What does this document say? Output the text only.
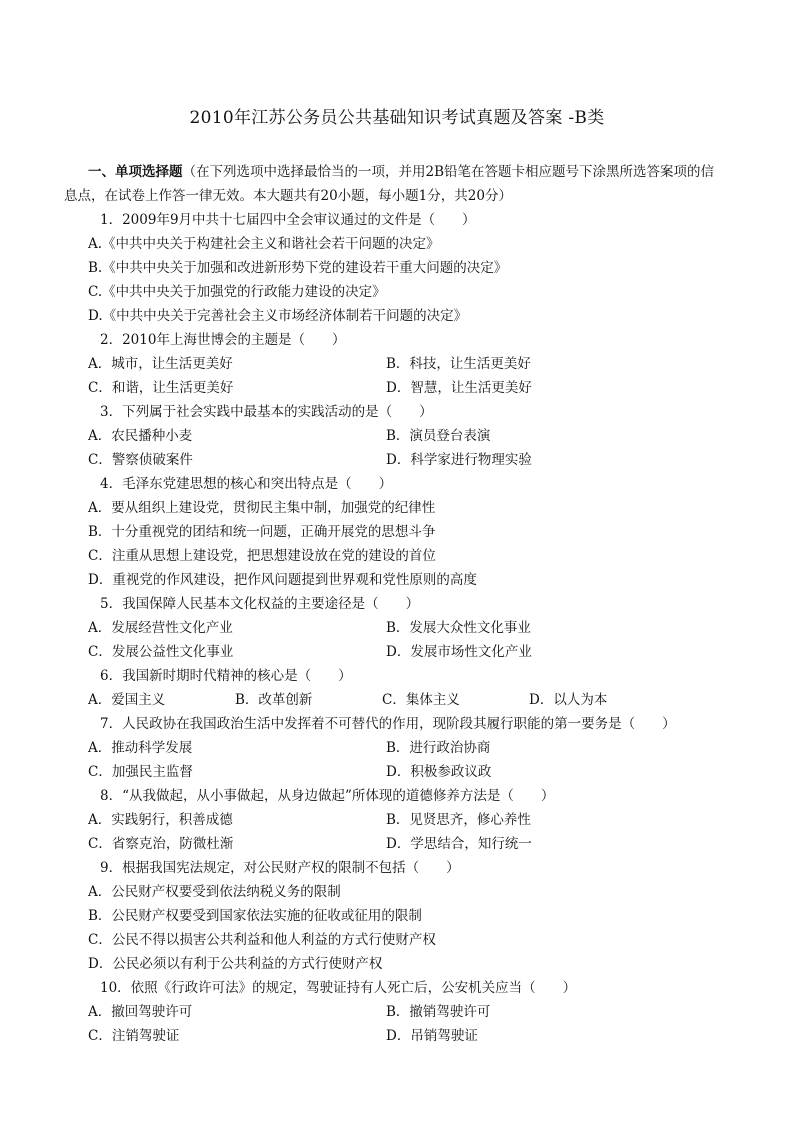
2010年江苏公务员公共基础知识考试真题及答案 -B类

一、单项选择题（在下列选项中选择最恰当的一项，并用2B铅笔在答题卡相应题号下涂黑所选答案项的信

息点，在试卷上作答一律无效。本大题共有20小题，每小题1分，共20分）

1．2009年9月中共十七届四中全会审议通过的文件是（　　）
A.《中共中央关于构建社会主义和谐社会若干问题的决定》
B.《中共中央关于加强和改进新形势下党的建设若干重大问题的决定》
C.《中共中央关于加强党的行政能力建设的决定》
D.《中共中央关于完善社会主义市场经济体制若干问题的决定》
2．2010年上海世博会的主题是（　　）
A．城市，让生活更美好	B．科技，让生活更美好
C．和谐，让生活更美好	D．智慧，让生活更美好
3．下列属于社会实践中最基本的实践活动的是（　　）
A．农民播种小麦	B．演员登台表演
C．警察侦破案件	D．科学家进行物理实验
4．毛泽东党建思想的核心和突出特点是（　　）
A．要从组织上建设党，贯彻民主集中制，加强党的纪律性
B．十分重视党的团结和统一问题，正确开展党的思想斗争
C．注重从思想上建设党，把思想建设放在党的建设的首位
D．重视党的作风建设，把作风问题提到世界观和党性原则的高度
5．我国保障人民基本文化权益的主要途径是（　　）
A．发展经营性文化产业	B．发展大众性文化事业
C．发展公益性文化事业	D．发展市场性文化产业
6．我国新时期时代精神的核心是（　　）
A．爱国主义	B．改革创新	C．集体主义	D．以人为本
7．人民政协在我国政治生活中发挥着不可替代的作用，现阶段其履行职能的第一要务是（　　）
A．推动科学发展	B．进行政治协商
C．加强民主监督	D．积极参政议政
8．“从我做起，从小事做起，从身边做起”所体现的道德修养方法是（　　）
A．实践躬行，积善成德	B．见贤思齐，修心养性
C．省察克治，防微杜渐	D．学思结合，知行统一
9．根据我国宪法规定，对公民财产权的限制不包括（　　）
A．公民财产权要受到依法纳税义务的限制
B．公民财产权要受到国家依法实施的征收或征用的限制
C．公民不得以损害公共利益和他人利益的方式行使财产权
D．公民必须以有利于公共利益的方式行使财产权
10．依照《行政许可法》的规定，驾驶证持有人死亡后，公安机关应当（　　）
A．撤回驾驶许可	B．撤销驾驶许可
C．注销驾驶证	D．吊销驾驶证
